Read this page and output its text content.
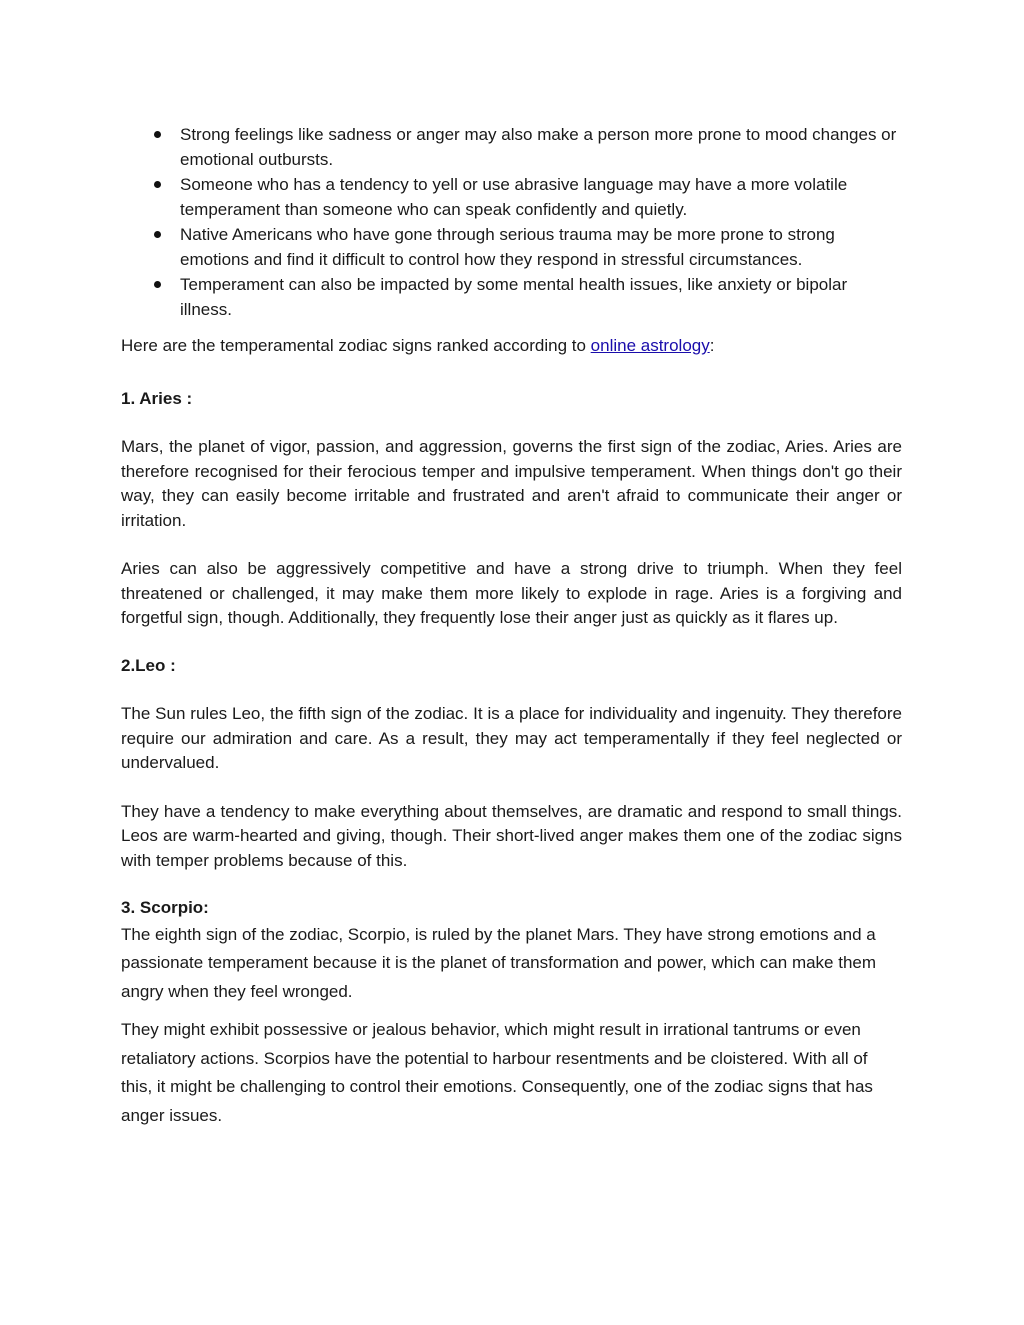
Strong feelings like sadness or anger may also make a person more prone to mood changes or emotional outbursts.
Someone who has a tendency to yell or use abrasive language may have a more volatile temperament than someone who can speak confidently and quietly.
Native Americans who have gone through serious trauma may be more prone to strong emotions and find it difficult to control how they respond in stressful circumstances.
Temperament can also be impacted by some mental health issues, like anxiety or bipolar illness.

Here are the temperamental zodiac signs ranked according to online astrology:

1. Aries :

Mars, the planet of vigor, passion, and aggression, governs the first sign of the zodiac, Aries. Aries are therefore recognised for their ferocious temper and impulsive temperament. When things don't go their way, they can easily become irritable and frustrated and aren't afraid to communicate their anger or irritation.

Aries can also be aggressively competitive and have a strong drive to triumph. When they feel threatened or challenged, it may make them more likely to explode in rage. Aries is a forgiving and forgetful sign, though. Additionally, they frequently lose their anger just as quickly as it flares up.

2.Leo :

The Sun rules Leo, the fifth sign of the zodiac. It is a place for individuality and ingenuity. They therefore require our admiration and care. As a result, they may act temperamentally if they feel neglected or undervalued.

They have a tendency to make everything about themselves, are dramatic and respond to small things. Leos are warm-hearted and giving, though. Their short-lived anger makes them one of the zodiac signs with temper problems because of this.

3. Scorpio:

The eighth sign of the zodiac, Scorpio, is ruled by the planet Mars. They have strong emotions and a passionate temperament because it is the planet of transformation and power, which can make them angry when they feel wronged.

They might exhibit possessive or jealous behavior, which might result in irrational tantrums or even retaliatory actions. Scorpios have the potential to harbour resentments and be cloistered. With all of this, it might be challenging to control their emotions. Consequently, one of the zodiac signs that has anger issues.
